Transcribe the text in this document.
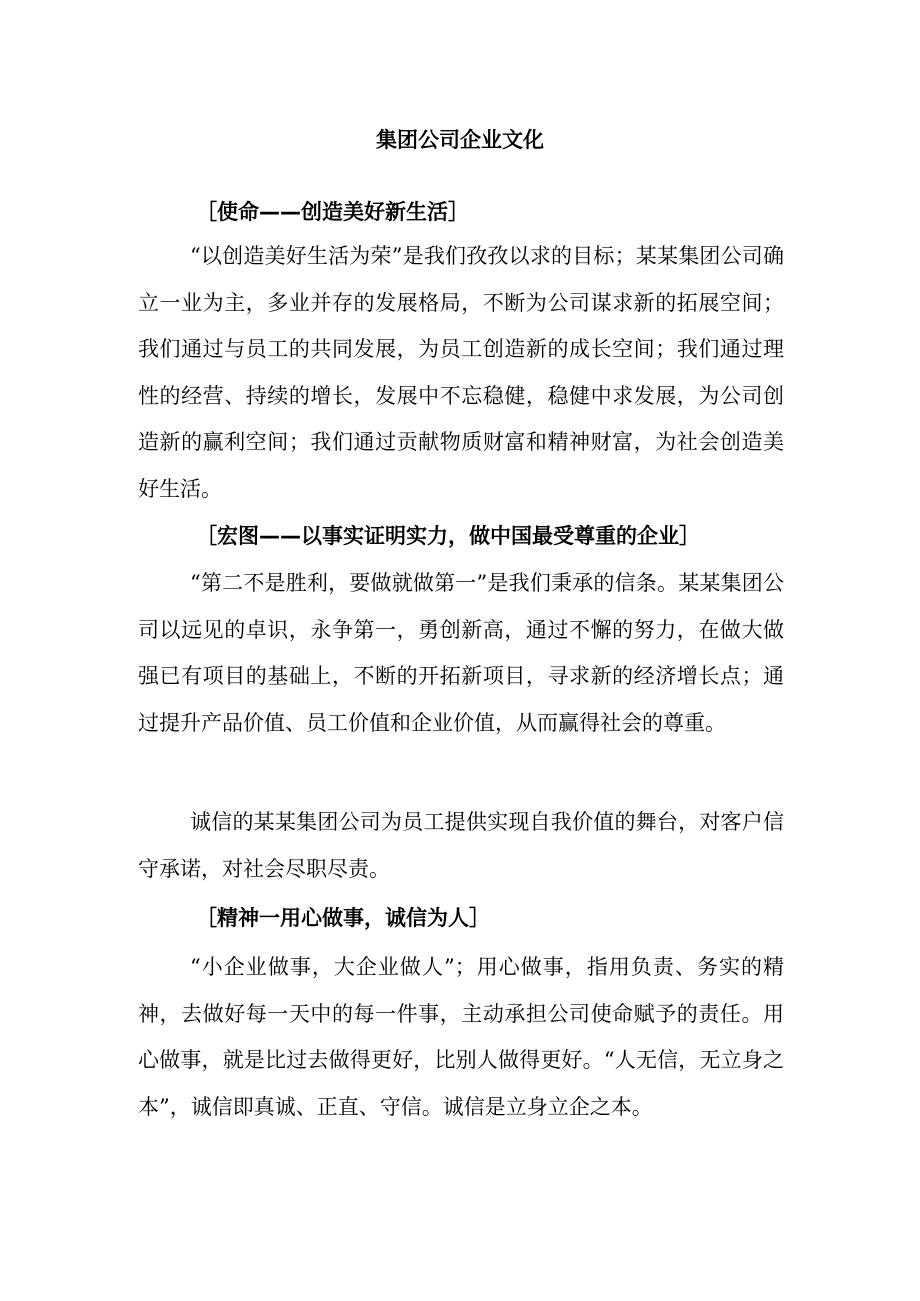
集团公司企业文化
［使命——创造美好新生活］

“以创造美好生活为荣”是我们孜孜以求的目标；某某集团公司确立一业为主，多业并存的发展格局，不断为公司谋求新的拓展空间；我们通过与员工的共同发展，为员工创造新的成长空间；我们通过理性的经营、持续的增长，发展中不忘稳健，稳健中求发展，为公司创造新的赢利空间；我们通过贡献物质财富和精神财富，为社会创造美好生活。

［宏图——以事实证明实力，做中国最受尊重的企业］

“第二不是胜利，要做就做第一”是我们秉承的信条。某某集团公司以远见的卓识，永争第一，勇创新高，通过不懈的努力，在做大做强已有项目的基础上，不断的开拓新项目，寻求新的经济增长点；通过提升产品价值、员工价值和企业价值，从而赢得社会的尊重。

诚信的某某集团公司为员工提供实现自我价值的舞台，对客户信守承诺，对社会尽职尽责。

［精神一用心做事，诚信为人］

“小企业做事，大企业做人”；用心做事，指用负责、务实的精神，去做好每一天中的每一件事，主动承担公司使命赋予的责任。用心做事，就是比过去做得更好，比别人做得更好。“人无信，无立身之本”，诚信即真诚、正直、守信。诚信是立身立企之本。
